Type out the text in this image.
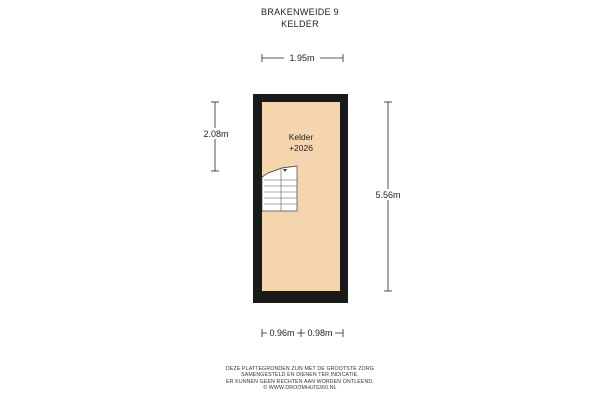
BRAKENWEIDE 9
KELDER
1.95m
2.08m
5.56m
Kelder
+2026
0.96m 0.98m
DEZE PLATTEGRONDEN ZIJN MET DE GROOTSTE ZORG
SAMENGESTELD EN DIENEN TER INDICATIE.
ER KUNNEN GEEN RECHTEN AAN WORDEN ONTLEEND.
© WWW.DROOMHUIS360.NL
